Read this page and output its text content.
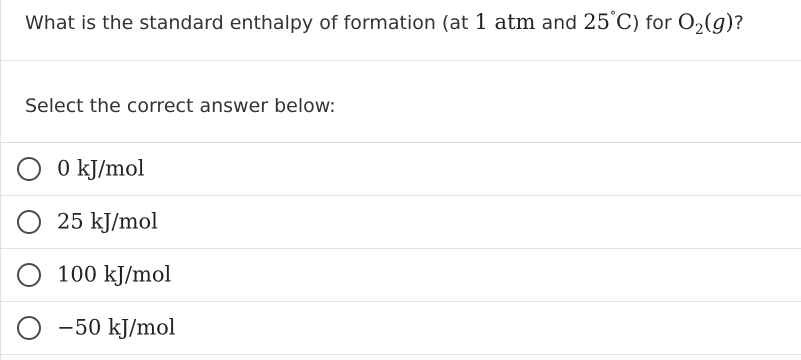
What is the standard enthalpy of formation (at 1 atm and 25°C) for $O_2(g)$?
Select the correct answer below:
0 kJ/mol
25 kJ/mol
100 kJ/mol
−50 kJ/mol
